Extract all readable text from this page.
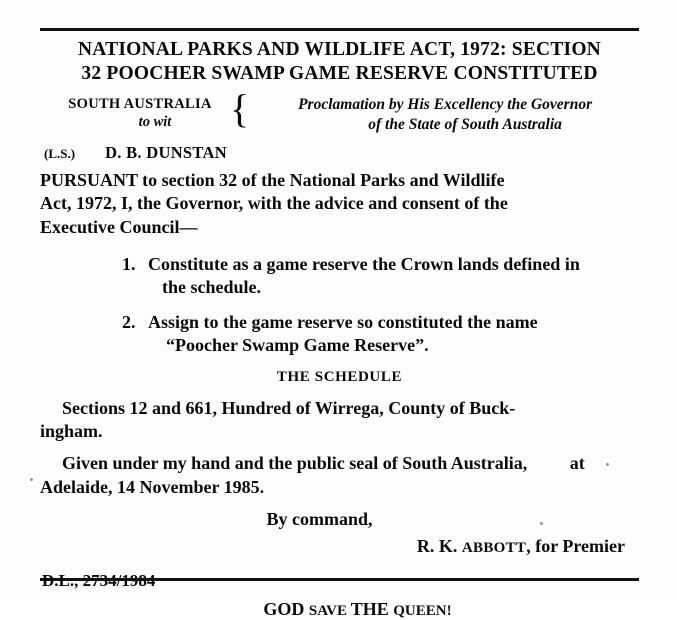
NATIONAL PARKS AND WILDLIFE ACT, 1972: SECTION
32 POOCHER SWAMP GAME RESERVE CONSTITUTED
SOUTH AUSTRALIA
to wit	{	Proclamation by His Excellency the Governor
of the State of South Australia
(L.S.) D. B. DUNSTAN
PURSUANT to section 32 of the National Parks and Wildlife
Act, 1972, I, the Governor, with the advice and consent of the
Executive Council—
1. Constitute as a game reserve the Crown lands defined in
the schedule.
2. Assign to the game reserve so constituted the name
“Poocher Swamp Game Reserve”.
THE SCHEDULE
Sections 12 and 661, Hundred of Wirrega, County of Buck-
ingham.
Given under my hand and the public seal of South Australia, at Adelaide, 14 November 1985.
By command,
R. K. ABBOTT, for Premier
GOD SAVE THE QUEEN!
